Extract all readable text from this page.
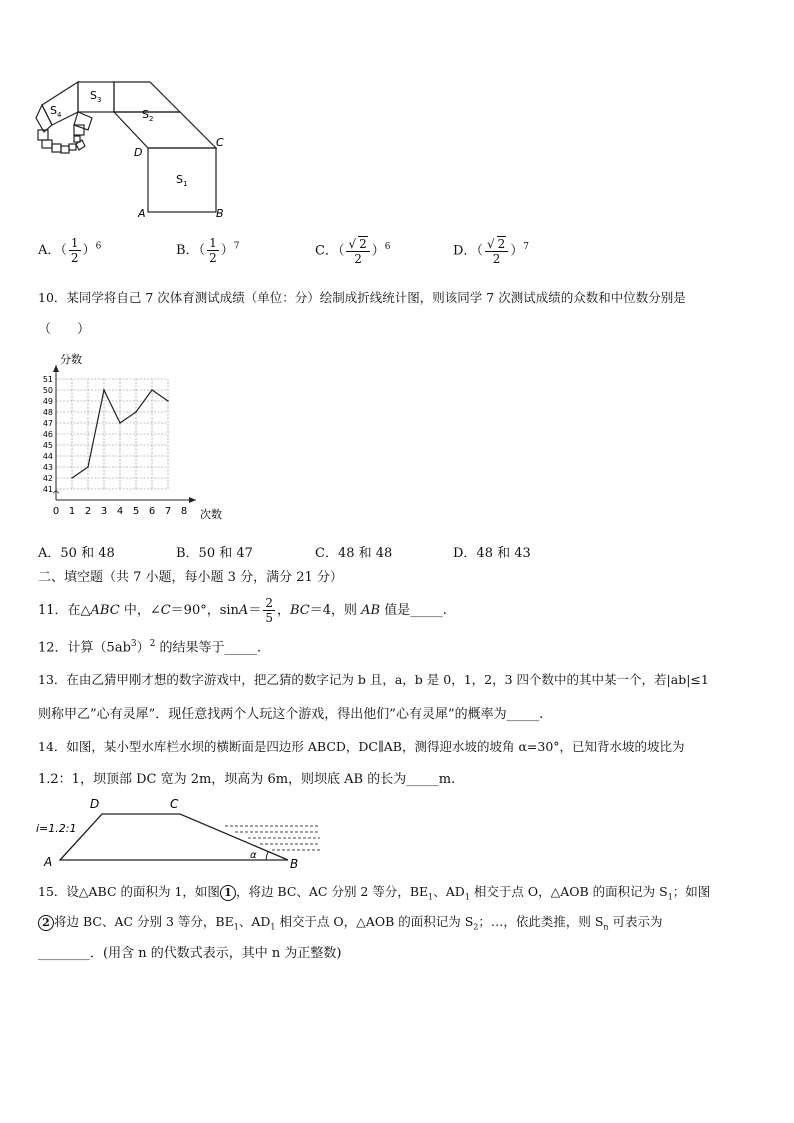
$S_1$
$S_2$
$S_3$
$S_4$
A	B
C
D
A．（ $\frac{1}{2} )^6$	B．（ $\frac{1}{2} )^7$	C．（ $\frac{√ 2}{2} )^6$	D．（ $\frac{√ 2}{2} )^7$
10．某同学将自己 7 次体育测试成绩（单位：分）绘制成折线统计图，则该同学 7 次测试成绩的众数和中位数分别是
（　　）
0 1 2 3 4 5 6 7 8
41
42
43
44
45
46
47
48
49
50
51
次数
分数
A．50 和 48	B．50 和 47	C．48 和 48	D．48 和 43
二、填空题（共 7 小题，每小题 3 分，满分 21 分）
11．在△ABC 中，∠C＝90°，$\sin A= \frac{2}{5}$ ，BC＝4，则 AB 值是_____.
12．计算$(5ab^3)^2$ 的结果等于_____.
13．在由乙猜甲刚才想的数字游戏中，把乙猜的数字记为 b 且，a，b 是 0，1，2，3 四个数中的其中某一个，若|ab|≤1
则称甲乙”心有灵犀”．现任意找两个人玩这个游戏，得出他们”心有灵犀”的概率为_____.
14．如图，某小型水库栏水坝的横断面是四边形 ABCD，DC∥AB，测得迎水坡的坡角 α=30°，已知背水坡的坡比为
1.2：1，坝顶部 DC 宽为 2m，坝高为 6m，则坝底 AB 的长为_____m.
D	C
A	B
i=1.2:1
α
15．设△ABC 的面积为 1，如图 1 ，将边 BC、AC 分别 2 等分，$BE_1$、$AD_1$ 相交于点 O，△AOB 的面积记为 $S_1$；如图
2 将边 BC、AC 分别 3 等分，$BE_1$、$AD_1$ 相交于点 O，△AOB 的面积记为 $S_2$；…，依此类推，则 $S_n$ 可表示为
________．(用含 n 的代数式表示，其中 n 为正整数)
